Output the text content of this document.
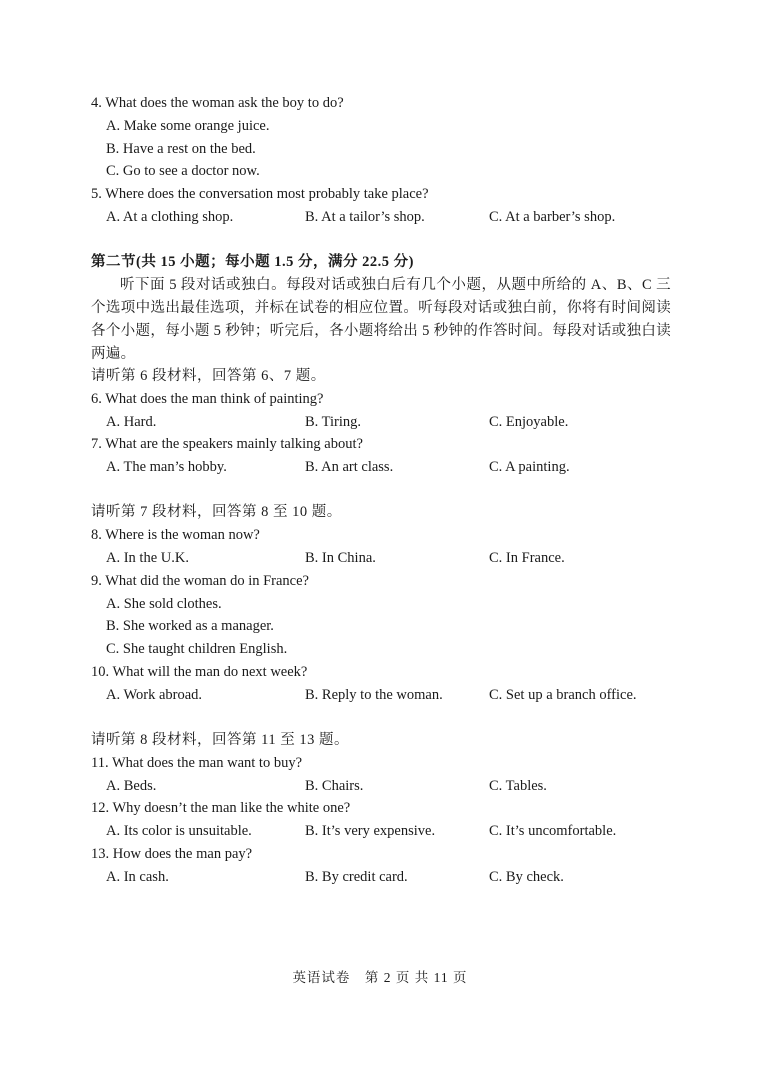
4. What does the woman ask the boy to do?
A. Make some orange juice.
B. Have a rest on the bed.
C. Go to see a doctor now.
5. Where does the conversation most probably take place?
A. At a clothing shop.	B. At a tailor’s shop.	C. At a barber’s shop.
第二节(共 15 小题；每小题 1.5 分，满分 22.5 分)
听下面 5 段对话或独白。每段对话或独白后有几个小题，从题中所给的 A、B、C 三个选项中选出最佳选项，并标在试卷的相应位置。听每段对话或独白前，你将有时间阅读各个小题，每小题 5 秒钟；听完后，各小题将给出 5 秒钟的作答时间。每段对话或独白读两遍。
请听第 6 段材料，回答第 6、7 题。
6. What does the man think of painting?
A. Hard.	B. Tiring.	C. Enjoyable.
7. What are the speakers mainly talking about?
A. The man’s hobby.	B. An art class.	C. A painting.
请听第 7 段材料，回答第 8 至 10 题。
8. Where is the woman now?
A. In the U.K.	B. In China.	C. In France.
9. What did the woman do in France?
A. She sold clothes.
B. She worked as a manager.
C. She taught children English.
10. What will the man do next week?
A. Work abroad.	B. Reply to the woman.	C. Set up a branch office.
请听第 8 段材料，回答第 11 至 13 题。
11. What does the man want to buy?
A. Beds.	B. Chairs.	C. Tables.
12. Why doesn’t the man like the white one?
A. Its color is unsuitable.	B. It’s very expensive.	C. It’s uncomfortable.
13. How does the man pay?
A. In cash.	B. By credit card.	C. By check.
英语试卷　第 2 页 共 11 页
